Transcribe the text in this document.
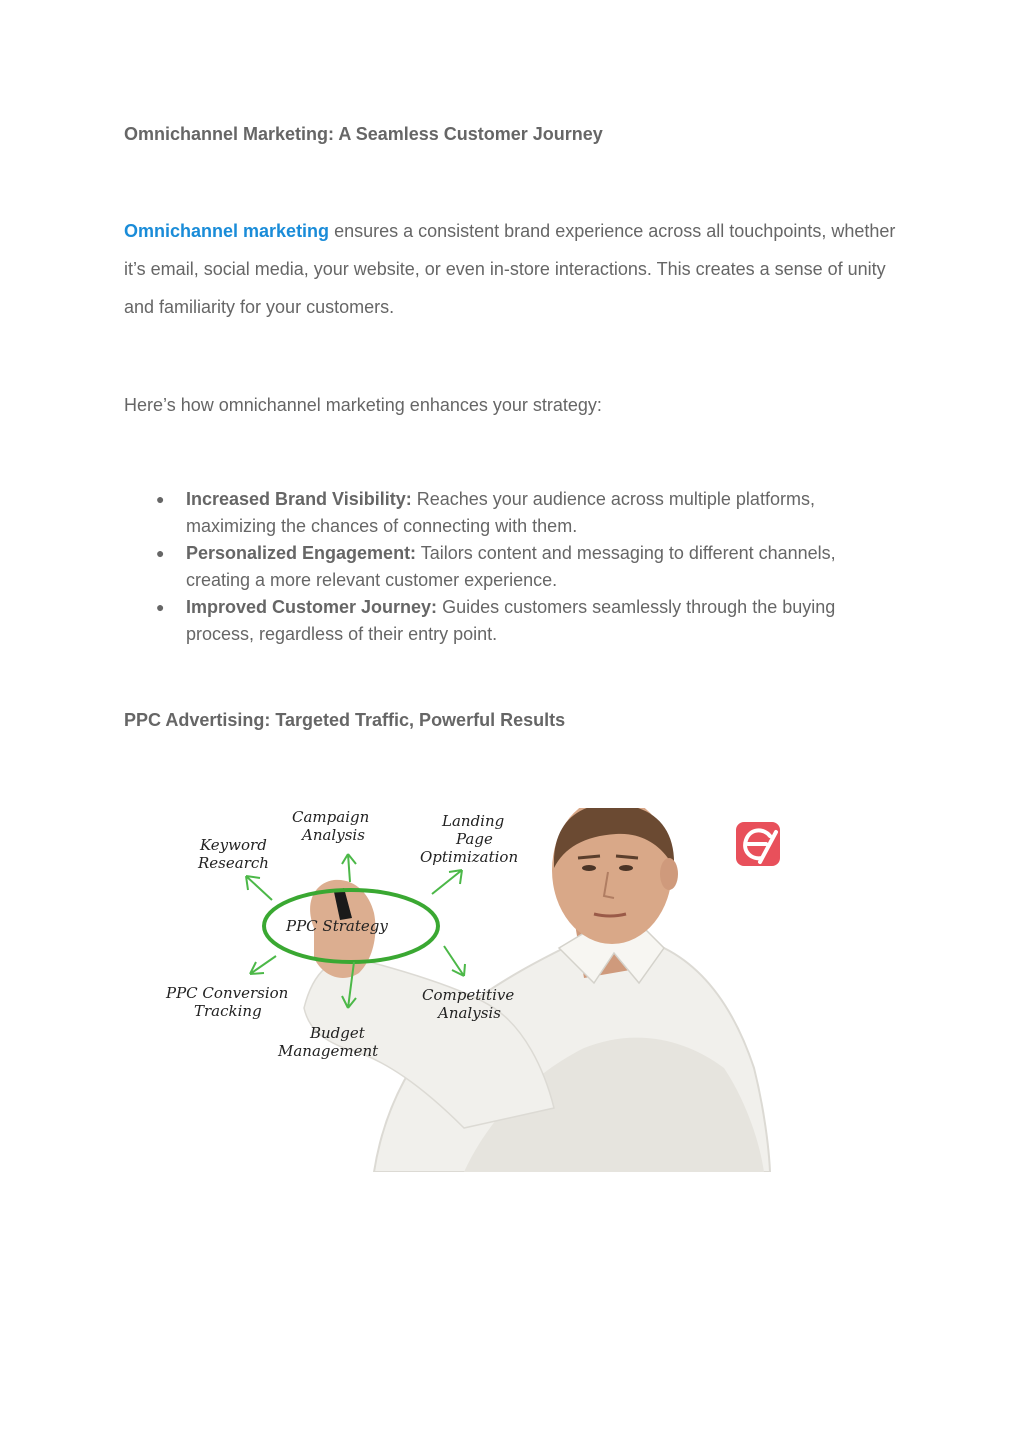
Omnichannel Marketing: A Seamless Customer Journey

Omnichannel marketing ensures a consistent brand experience across all touchpoints, whether it’s email, social media, your website, or even in-store interactions. This creates a sense of unity and familiarity for your customers.

Here’s how omnichannel marketing enhances your strategy:

● Increased Brand Visibility: Reaches your audience across multiple platforms, maximizing the chances of connecting with them.
● Personalized Engagement: Tailors content and messaging to different channels, creating a more relevant customer experience.
● Improved Customer Journey: Guides customers seamlessly through the buying process, regardless of their entry point.
PPC Advertising: Targeted Traffic, Powerful Results
PPC Strategy
Campaign
Analysis
Landing
Page
Optimization
Keyword
Research
PPC Conversion
Tracking
Budget
Management
Competitive
Analysis
